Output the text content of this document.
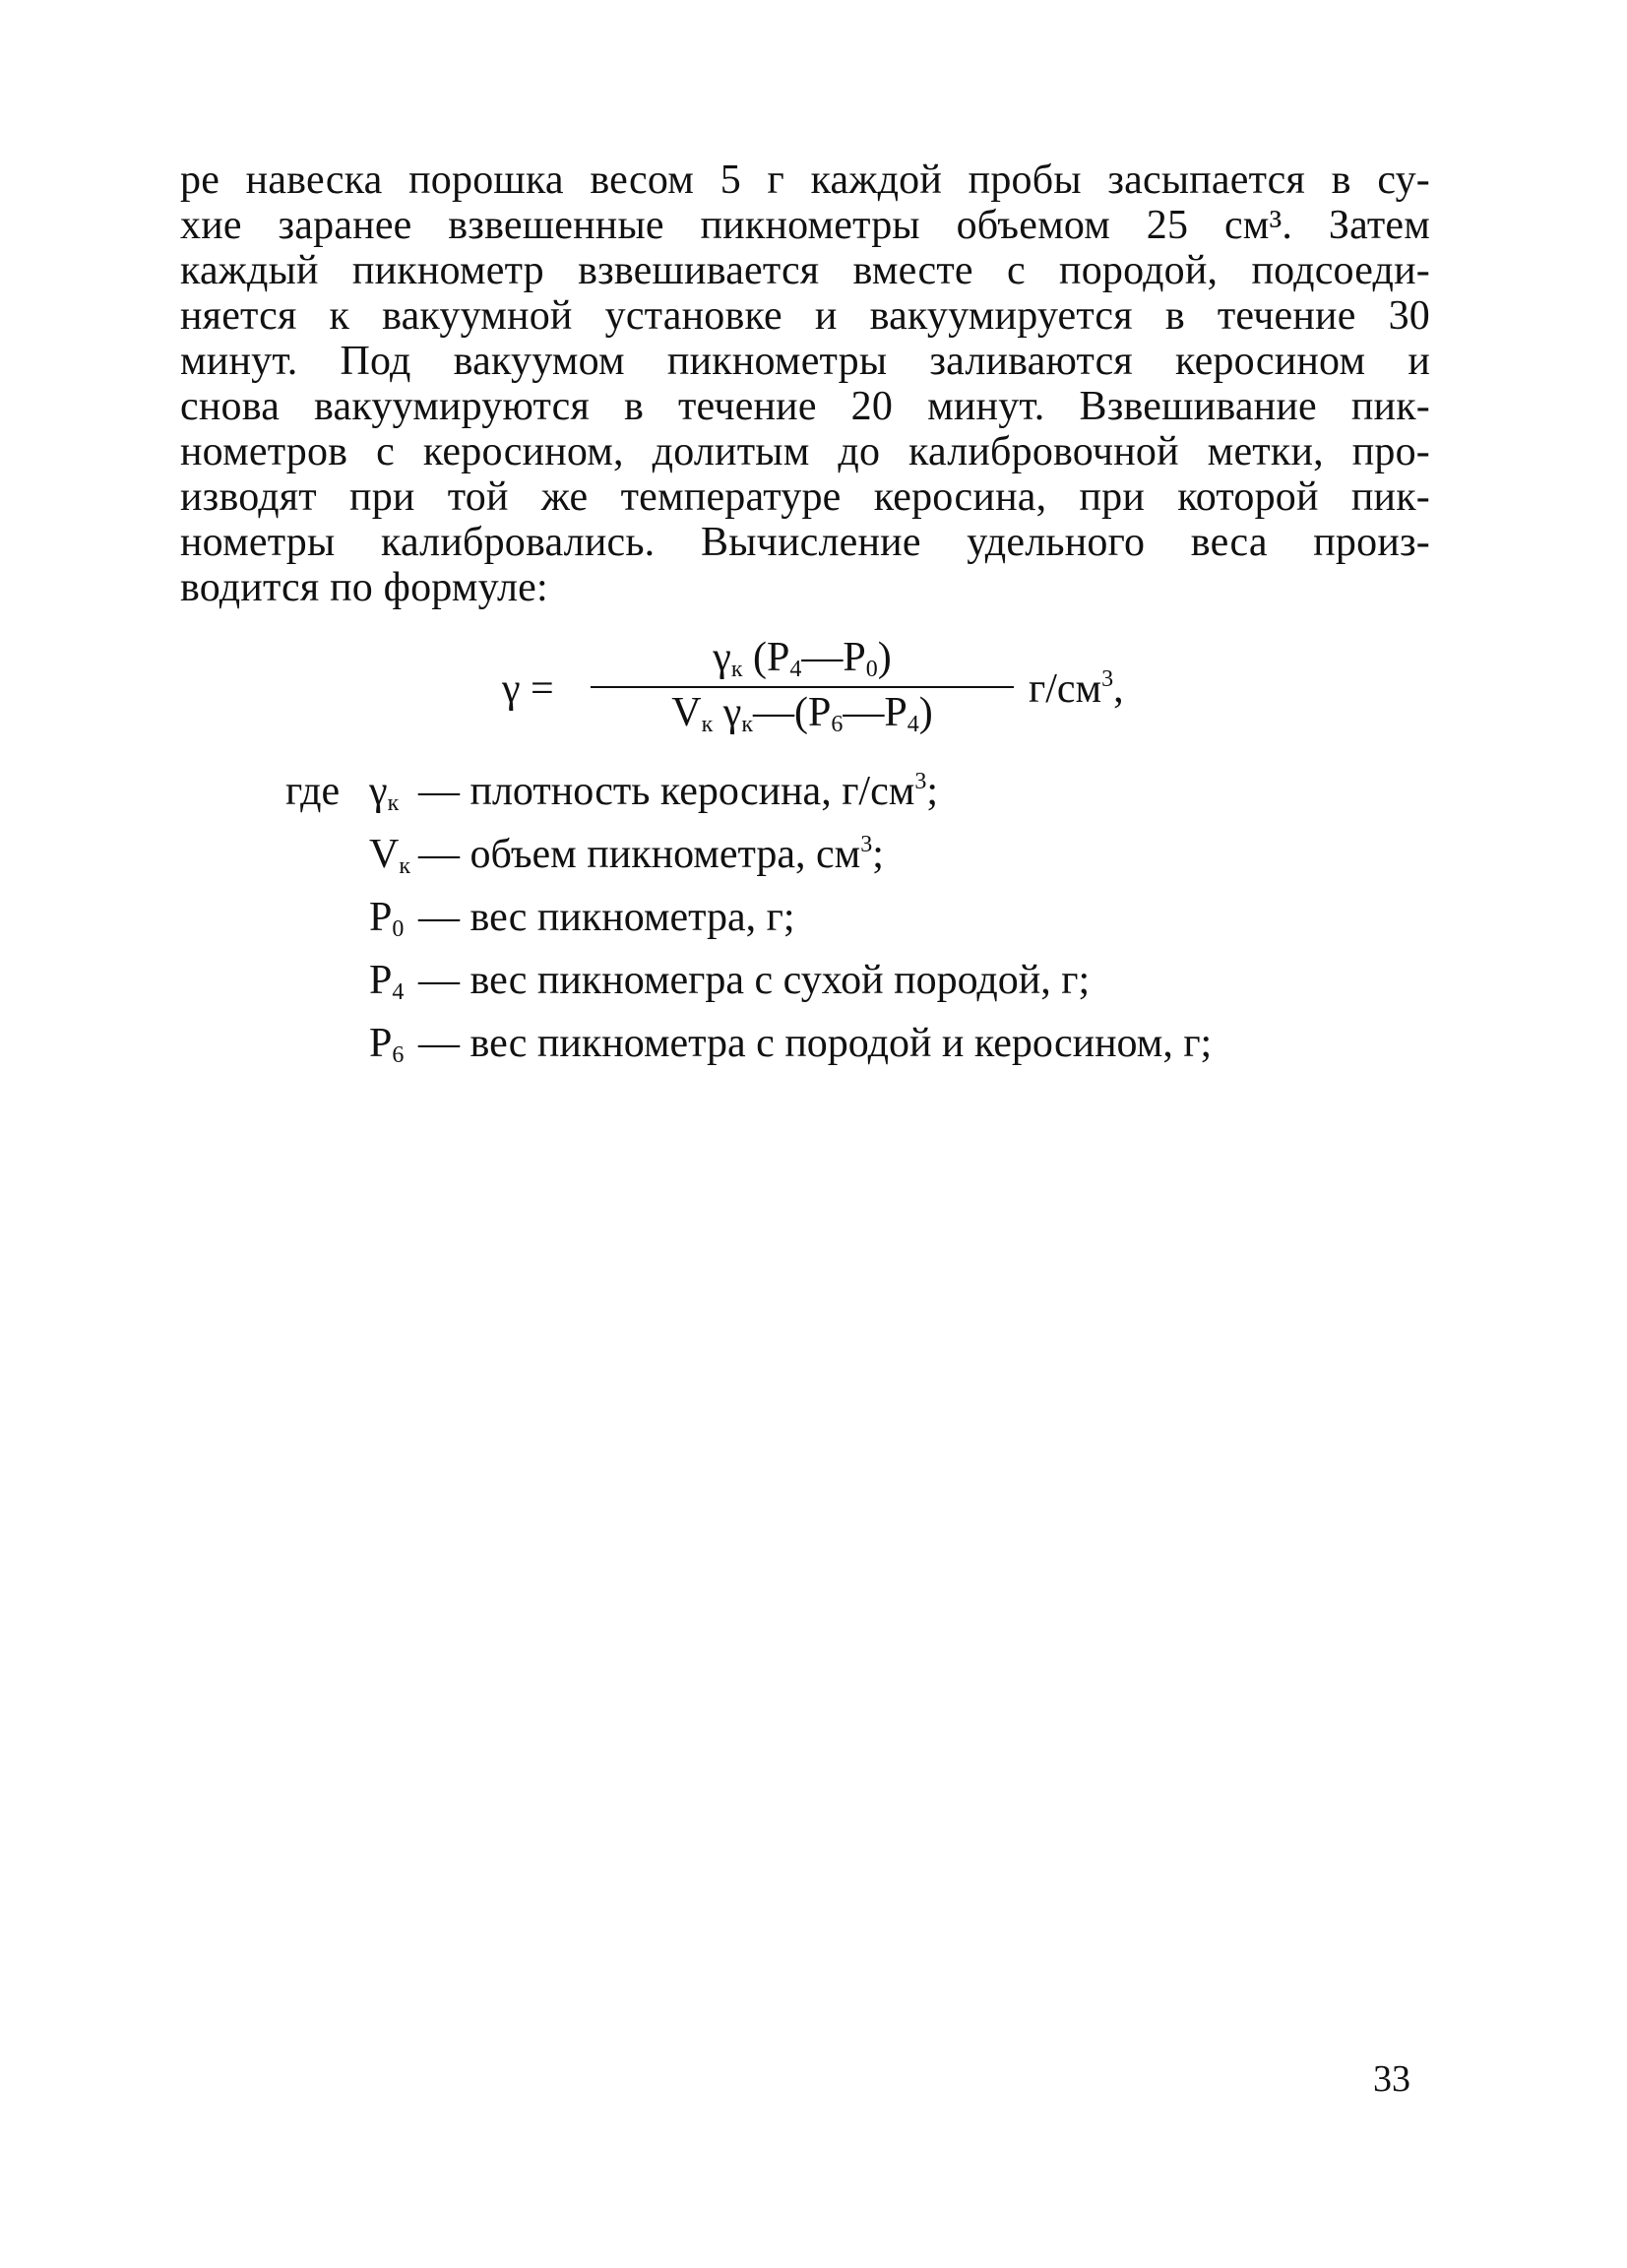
ре навеска порошка весом 5 г каждой пробы засыпается в су-
хие заранее взвешенные пикнометры объемом 25 см³. Затем
каждый пикнометр взвешивается вместе с породой, подсоеди-
няется к вакуумной установке и вакуумируется в течение 30
минут. Под вакуумом пикнометры заливаются керосином и
снова вакуумируются в течение 20 минут. Взвешивание пик-
нометров с керосином, долитым до калибровочной метки, про-
изводят при той же температуре керосина, при которой пик-
нометры калибровались. Вычисление удельного веса произ-
водится по формуле:
γ =
$\gamma_к$ $(P_4—P_0)$
$V_к$ $\gamma_к—(P_6—P_4)$
$г/см^3$,
где $\gamma_к$ — плотность керосина, $г/см^3$;
$V_к$ — объем пикнометра, $см^3$;
$P_0$ — вес пикнометра, г;
$P_4$ — вес пикномегра с сухой породой, г;
$P_6$ — вес пикнометра с породой и керосином, г;
33
